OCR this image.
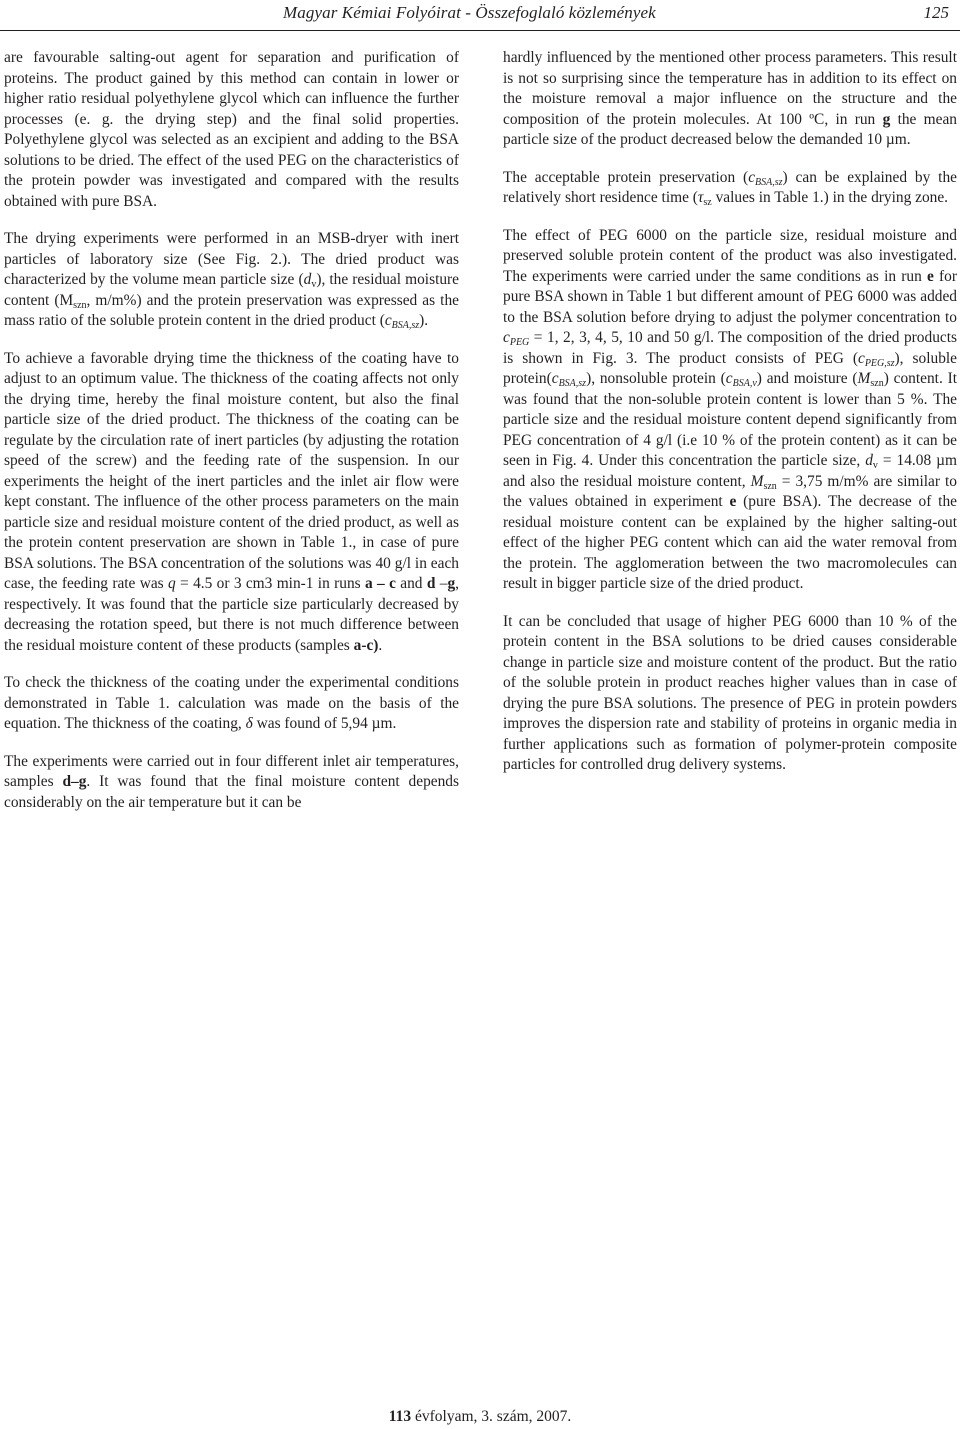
Magyar Kémiai Folyóirat - Összefoglaló közlemények	125

are favourable salting-out agent for separation and purification of proteins. The product gained by this method can contain in lower or higher ratio residual polyethylene glycol which can influence the further processes (e. g. the drying step) and the final solid properties. Polyethylene glycol was selected as an excipient and adding to the BSA solutions to be dried. The effect of the used PEG on the characteristics of the protein powder was investigated and compared with the results obtained with pure BSA.

The drying experiments were performed in an MSB-dryer with inert particles of laboratory size (See Fig. 2.). The dried product was characterized by the volume mean particle size $(d_v)$, the residual moisture content ($M_{szn}$, m/m%) and the protein preservation was expressed as the mass ratio of the soluble protein content in the dried product $(c_{BSA,sz})$.

To achieve a favorable drying time the thickness of the coating have to adjust to an optimum value. The thickness of the coating affects not only the drying time, hereby the final moisture content, but also the final particle size of the dried product. The thickness of the coating can be regulate by the circulation rate of inert particles (by adjusting the rotation speed of the screw) and the feeding rate of the suspension. In our experiments the height of the inert particles and the inlet air flow were kept constant. The influence of the other process parameters on the main particle size and residual moisture content of the dried product, as well as the protein content preservation are shown in Table 1., in case of pure BSA solutions. The BSA concentration of the solutions was 40 g/l in each case, the feeding rate was q = 4.5 or 3 cm3 min-1 in runs a – c and d –g, respectively. It was found that the particle size particularly decreased by decreasing the rotation speed, but there is not much difference between the residual moisture content of these products (samples a-c).

To check the thickness of the coating under the experimental conditions demonstrated in Table 1. calculation was made on the basis of the equation. The thickness of the coating, δ was found of 5,94 µm.

The experiments were carried out in four different inlet air temperatures, samples d–g. It was found that the final moisture content depends considerably on the air temperature but it can be

hardly influenced by the mentioned other process parameters. This result is not so surprising since the temperature has in addition to its effect on the moisture removal a major influence on the structure and the composition of the protein molecules. At 100 ºC, in run g the mean particle size of the product decreased below the demanded 10 µm.

The acceptable protein preservation $(c_{BSA,sz})$ can be explained by the relatively short residence time ($\tau_{sz}$ values in Table 1.) in the drying zone.

The effect of PEG 6000 on the particle size, residual moisture and preserved soluble protein content of the product was also investigated. The experiments were carried under the same conditions as in run e for pure BSA shown in Table 1 but different amount of PEG 6000 was added to the BSA solution before drying to adjust the polymer concentration to $c_{PEG} = 1$, 2, 3, 4, 5, 10 and 50 g/l. The composition of the dried products is shown in Fig. 3. The product consists of PEG $(c_{PEG,sz})$, soluble $protein(c_{BSA,sz})$, nonsoluble protein $(c_{BSA,v})$ and moisture $(M_{szn})$ content. It was found that the non-soluble protein content is lower than 5 %. The particle size and the residual moisture content depend significantly from PEG concentration of 4 g/l (i.e 10 % of the protein content) as it can be seen in Fig. 4. Under this concentration the particle size, $d_v = 14.08$ µm and also the residual moisture content, $M_{szn} = 3,75$ m/m% are similar to the values obtained in experiment e (pure BSA). The decrease of the residual moisture content can be explained by the higher salting-out effect of the higher PEG content which can aid the water removal from the protein. The agglomeration between the two macromolecules can result in bigger particle size of the dried product.

It can be concluded that usage of higher PEG 6000 than 10 % of the protein content in the BSA solutions to be dried causes considerable change in particle size and moisture content of the product. But the ratio of the soluble protein in product reaches higher values than in case of drying the pure BSA solutions. The presence of PEG in protein powders improves the dispersion rate and stability of proteins in organic media in further applications such as formation of polymer-protein composite particles for controlled drug delivery systems.

113 évfolyam, 3. szám, 2007.
